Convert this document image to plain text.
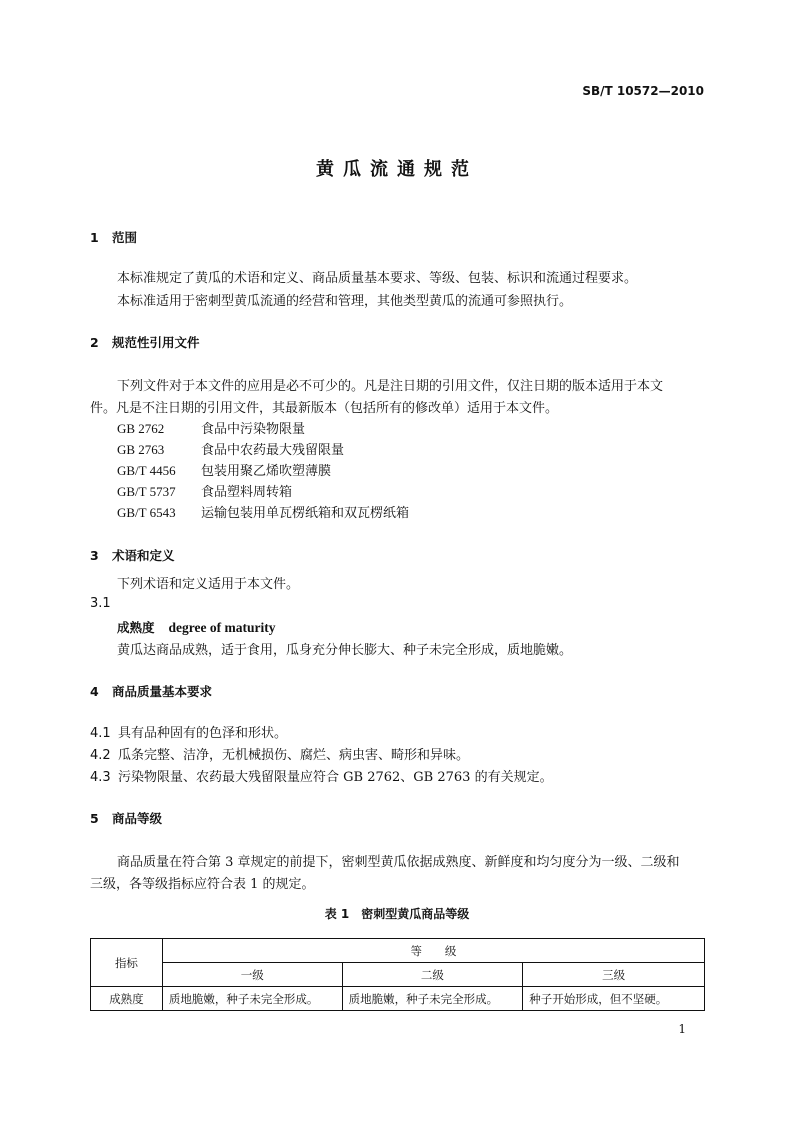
SB/T 10572—2010
黄瓜流通规范
1 范围
本标准规定了黄瓜的术语和定义、商品质量基本要求、等级、包装、标识和流通过程要求。
本标准适用于密刺型黄瓜流通的经营和管理，其他类型黄瓜的流通可参照执行。
2 规范性引用文件
下列文件对于本文件的应用是必不可少的。凡是注日期的引用文件，仅注日期的版本适用于本文
件。凡是不注日期的引用文件，其最新版本（包括所有的修改单）适用于本文件。
GB 2762	食品中污染物限量
GB 2763	食品中农药最大残留限量
GB/T 4456 包装用聚乙烯吹塑薄膜
GB/T 5737 食品塑料周转箱
GB/T 6543 运输包装用单瓦楞纸箱和双瓦楞纸箱
3 术语和定义
下列术语和定义适用于本文件。
3.1
成熟度 degree of maturity
黄瓜达商品成熟，适于食用，瓜身充分伸长膨大、种子未完全形成，质地脆嫩。
4 商品质量基本要求
4.1 具有品种固有的色泽和形状。
4.2 瓜条完整、洁净，无机械损伤、腐烂、病虫害、畸形和异味。
4.3 污染物限量、农药最大残留限量应符合 GB 2762、GB 2763 的有关规定。
5 商品等级
商品质量在符合第 3 章规定的前提下，密刺型黄瓜依据成熟度、新鲜度和均匀度分为一级、二级和
三级，各等级指标应符合表 1 的规定。
表 1　密刺型黄瓜商品等级
指标	等　　级		
	一级	二级	三级
成熟度	质地脆嫩，种子未完全形成。	质地脆嫩，种子未完全形成。	种子开始形成，但不坚硬。
1
